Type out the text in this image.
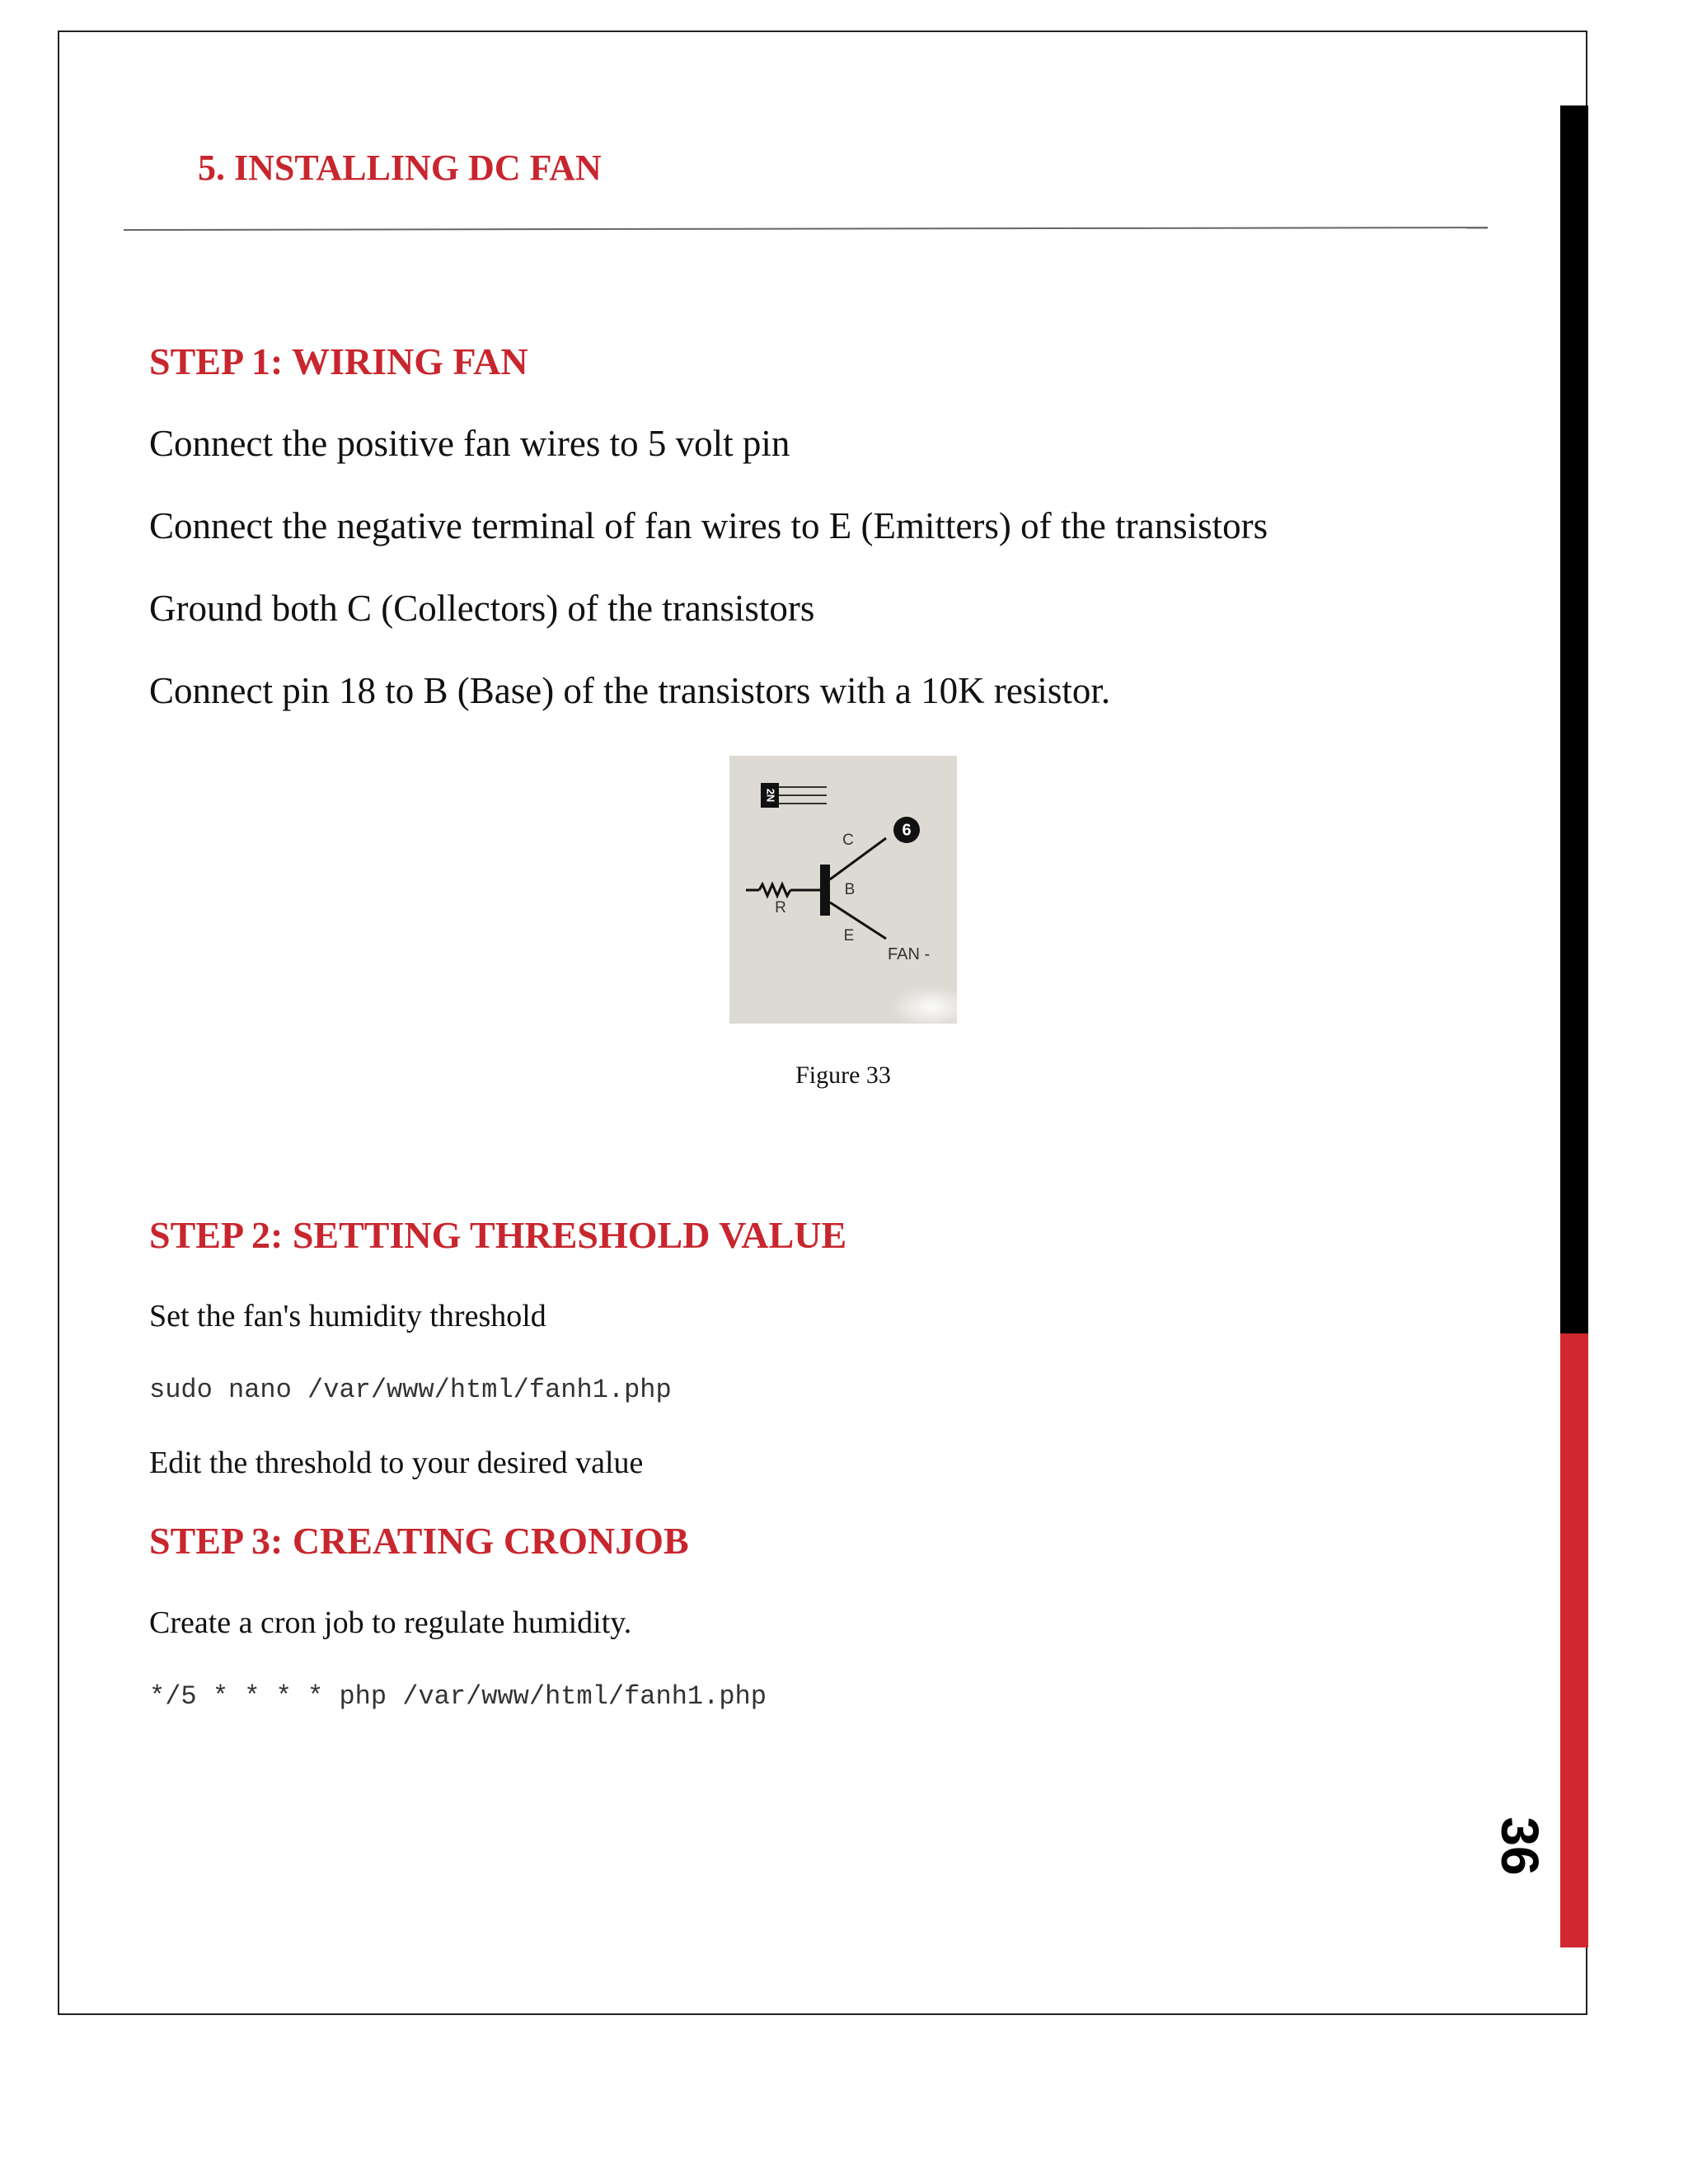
36
5. INSTALLING DC FAN
STEP 1: WIRING FAN
Connect the positive fan wires to 5 volt pin
Connect the negative terminal of fan wires to E (Emitters) of the transistors
Ground both C (Collectors) of the transistors
Connect pin 18 to B (Base) of the transistors with a 10K resistor.
2N
6
C
B
E
R
FAN -
Figure 33
STEP 2: SETTING THRESHOLD VALUE
Set the fan's humidity threshold
sudo nano /var/www/html/fanh1.php
Edit the threshold to your desired value
STEP 3: CREATING CRONJOB
Create a cron job to regulate humidity.
*/5 * * * * php /var/www/html/fanh1.php
